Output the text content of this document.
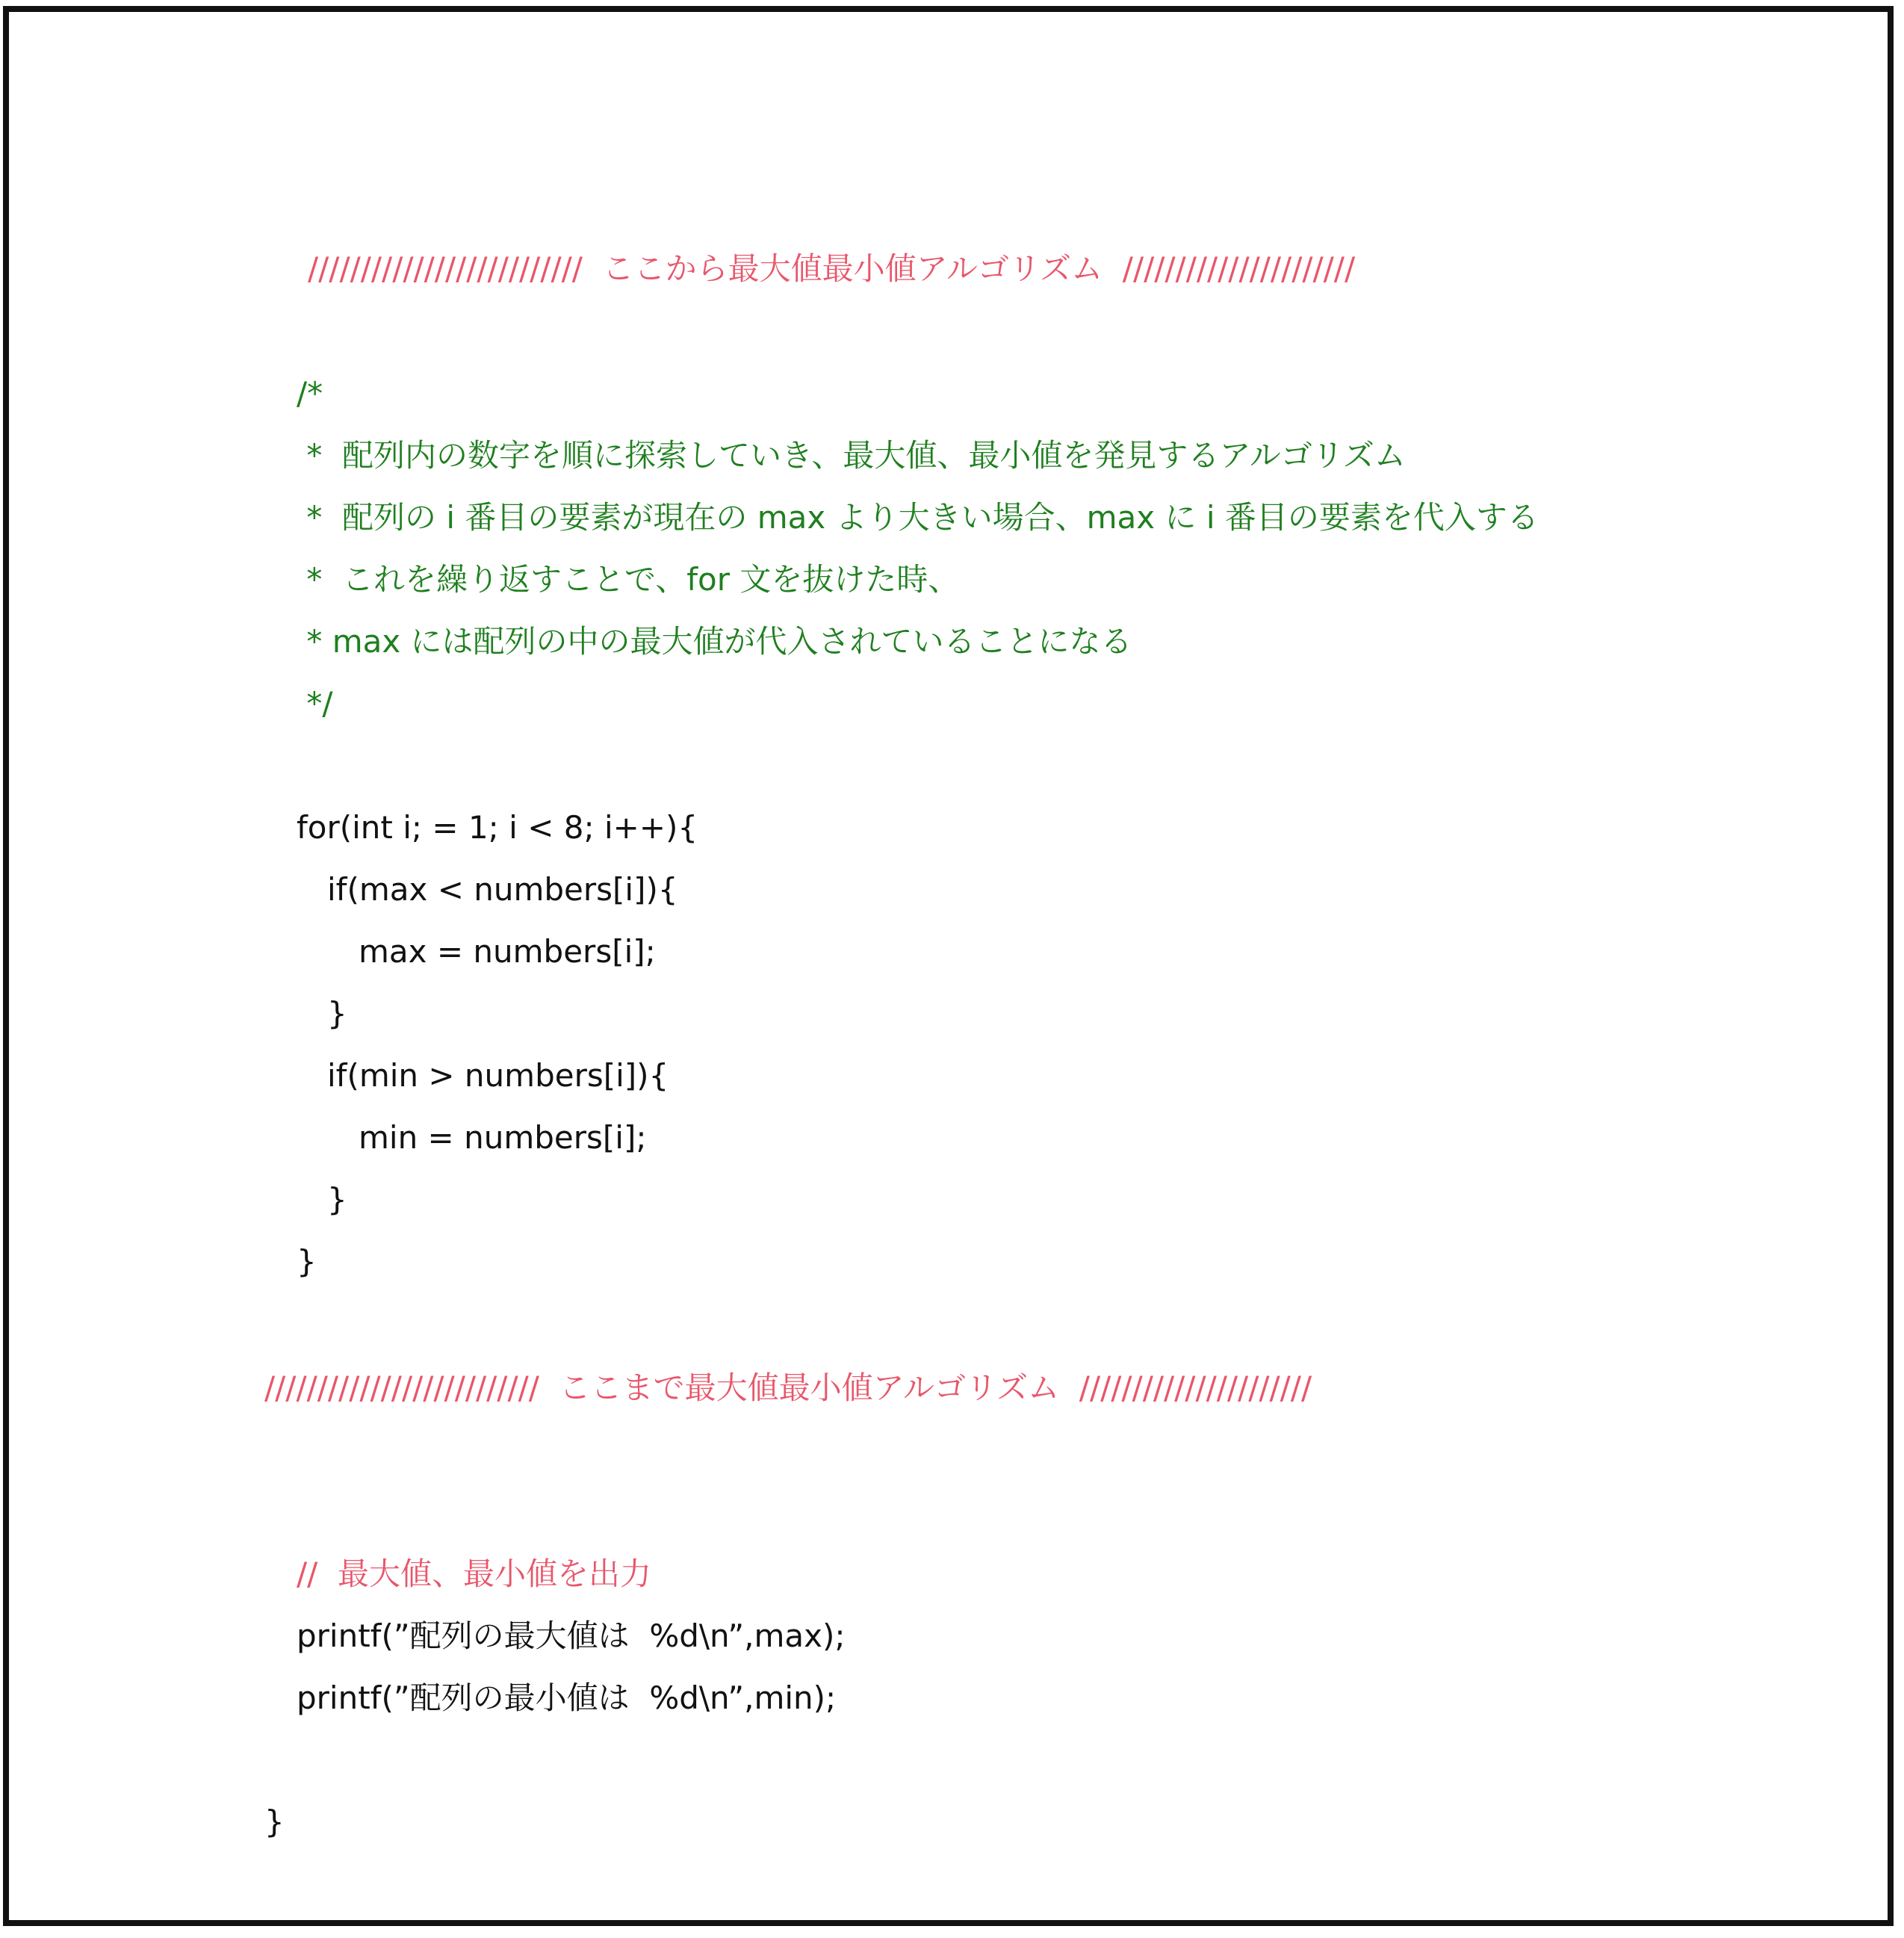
//////////////////////////  ここから最大値最小値アルゴリズム  //////////////////////
/*
*  配列内の数字を順に探索していき、最大値、最小値を発見するアルゴリズム
*  配列の i 番目の要素が現在の max より大きい場合、max に i 番目の要素を代入する
*  これを繰り返すことで、for 文を抜けた時、
* max には配列の中の最大値が代入されていることになる
*/
for(int i; = 1; i < 8; i++){
if(max < numbers[i]){
max = numbers[i];
}
if(min > numbers[i]){
min = numbers[i];
}
}
//////////////////////////  ここまで最大値最小値アルゴリズム  //////////////////////
//  最大値、最小値を出力
printf(”配列の最大値は  %d\n”,max);
printf(”配列の最小値は  %d\n”,min);
}
